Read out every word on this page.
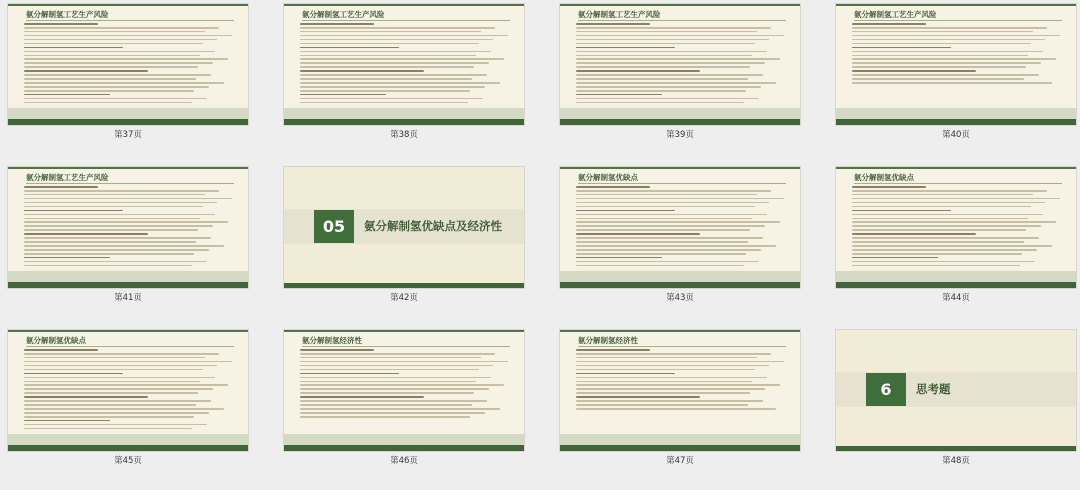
氨分解制氢工艺生产风险
第37页
氨分解制氢工艺生产风险
第38页
氨分解制氢工艺生产风险
第39页
氨分解制氢工艺生产风险
第40页
氨分解制氢工艺生产风险
第41页
05	氨分解制氢优缺点及经济性
第42页
氨分解制氢优缺点
第43页
氨分解制氢优缺点
第44页
氨分解制氢优缺点
第45页
氨分解制氢经济性
第46页
氨分解制氢经济性
第47页
6	思考题
第48页
